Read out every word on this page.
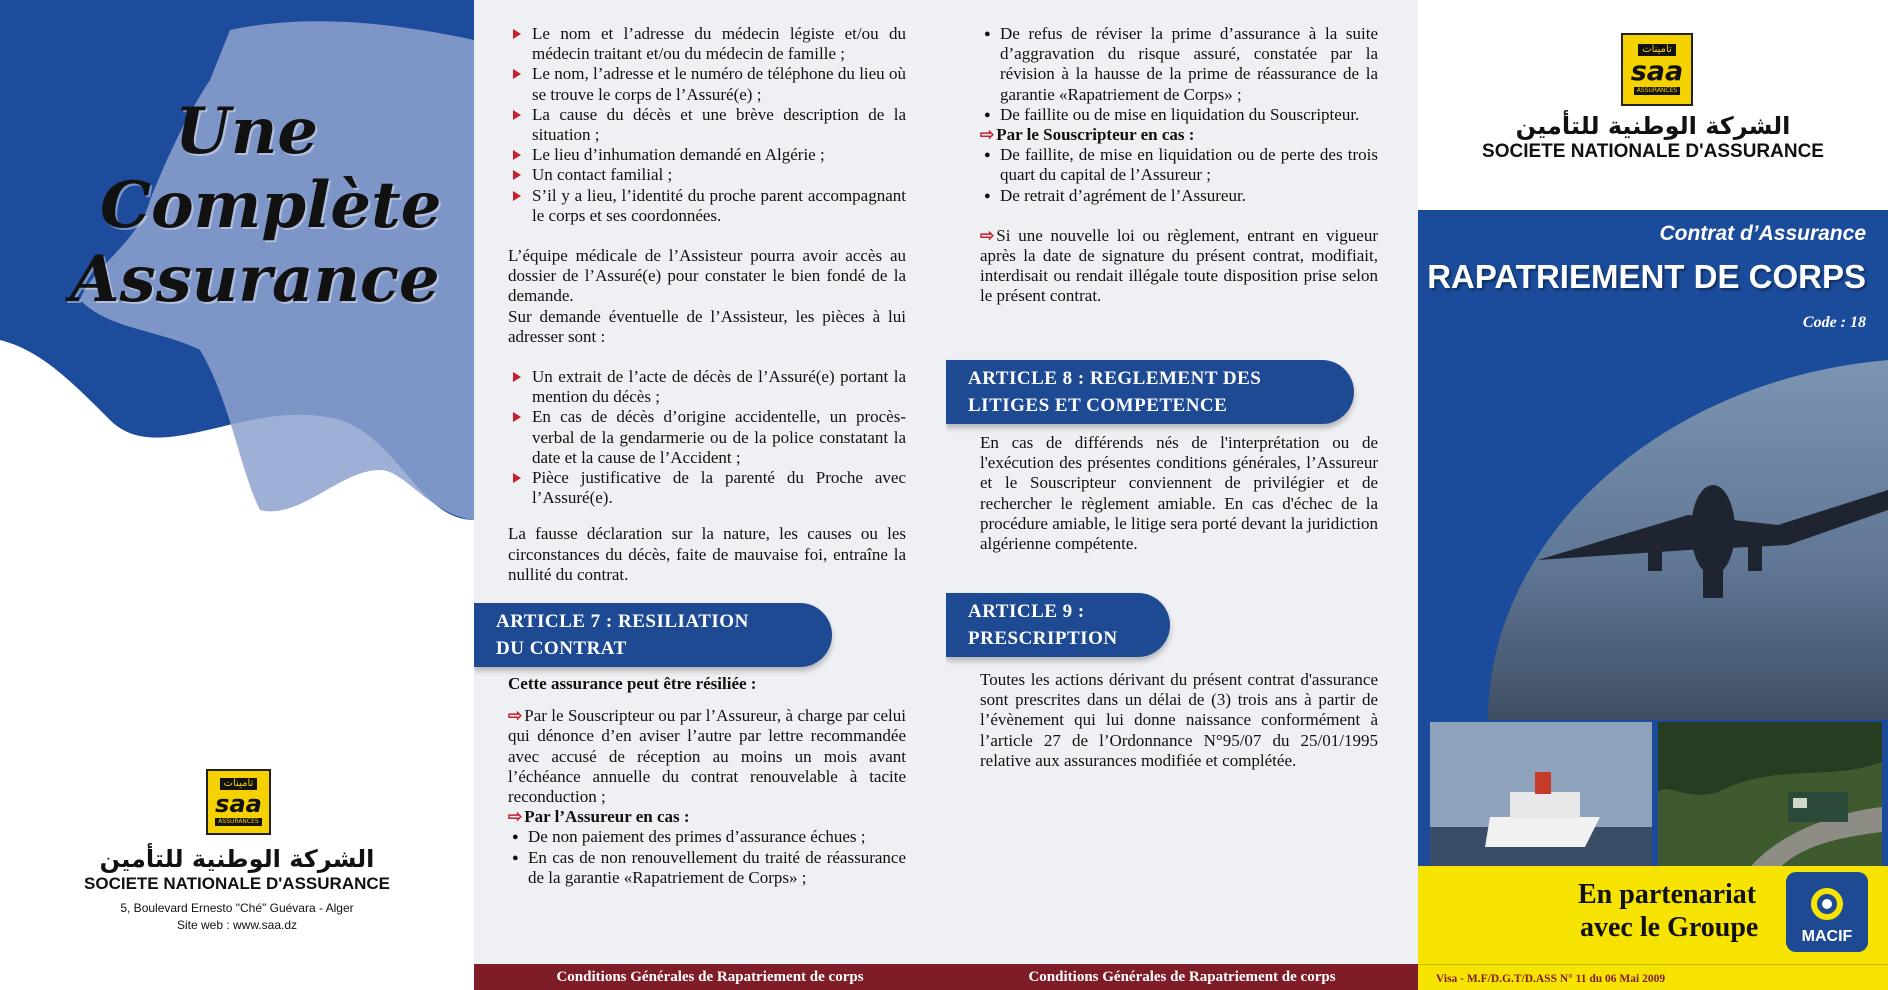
Une
Complète
Assurance
تامينات
saa
ASSURANCES
الشركة الوطنية للتأمين
SOCIETE NATIONALE D'ASSURANCE
5, Boulevard Ernesto "Ché" Guévara - Alger
Site web : www.saa.dz
Le nom et l’adresse du médecin légiste et/ou du médecin traitant et/ou du médecin de famille ;
Le nom, l’adresse et le numéro de téléphone du lieu où se trouve le corps de l’Assuré(e) ;
La cause du décès et une brève description de la situation ;
Le lieu d’inhumation demandé en Algérie ;
Un contact familial ;
S’il y a lieu, l’identité du proche parent accompagnant le corps et ses coordonnées.

L’équipe médicale de l’Assisteur pourra avoir accès au dossier de l’Assuré(e) pour constater le bien fondé de la demande.

Sur demande éventuelle de l’Assisteur, les pièces à lui adresser sont :

Un extrait de l’acte de décès de l’Assuré(e) portant la mention du décès ;
En cas de décès d’origine accidentelle, un procès-verbal de la gendarmerie ou de la police constatant la date et la cause de l’Accident ;
Pièce justificative de la parenté du Proche avec l’Assuré(e).

La fausse déclaration sur la nature, les causes ou les circonstances du décès, faite de mauvaise foi, entraîne la nullité du contrat.

ARTICLE 7 : RESILIATION
DU CONTRAT

Cette assurance peut être résiliée :

⇨ Par le Souscripteur ou par l’Assureur, à charge par celui qui dénonce d’en aviser l’autre par lettre recommandée avec accusé de réception au moins un mois avant l’échéance annuelle du contrat renouvelable à tacite reconduction ;

⇨ Par l’Assureur en cas :

● De non paiement des primes d’assurance échues ;
● En cas de non renouvellement du traité de réassurance de la garantie «Rapatriement de Corps» ;
Conditions Générales de Rapatriement de corps
● De refus de réviser la prime d’assurance à la suite d’aggravation du risque assuré, constatée par la révision à la hausse de la prime de réassurance de la garantie «Rapatriement de Corps» ;
● De faillite ou de mise en liquidation du Souscripteur.

⇨ Par le Souscripteur en cas :

● De faillite, de mise en liquidation ou de perte des trois quart du capital de l’Assureur ;
● De retrait d’agrément de l’Assureur.

⇨ Si une nouvelle loi ou règlement, entrant en vigueur après la date de signature du présent contrat, modifiait, interdisait ou rendait illégale toute disposition prise selon le présent contrat.

ARTICLE 8 : REGLEMENT DES
LITIGES ET COMPETENCE

En cas de différends nés de l'interprétation ou de l'exécution des présentes conditions générales, l’Assureur et le Souscripteur conviennent de privilégier et de rechercher le règlement amiable. En cas d'échec de la procédure amiable, le litige sera porté devant la juridiction algérienne compétente.

ARTICLE 9 :
PRESCRIPTION

Toutes les actions dérivant du présent contrat d'assurance sont prescrites dans un délai de (3) trois ans à partir de l’évènement qui lui donne naissance conformément à l’article 27 de l’Ordonnance N°95/07 du 25/01/1995 relative aux assurances modifiée et complétée.

Conditions Générales de Rapatriement de corps
تامينات
saa
ASSURANCES
الشركة الوطنية للتأمين
SOCIETE NATIONALE D'ASSURANCE
Contrat d’Assurance
RAPATRIEMENT DE CORPS
Code : 18
En partenariat
avec le Groupe	MACIF
Visa - M.F/D.G.T/D.ASS N° 11 du 06 Mai 2009
